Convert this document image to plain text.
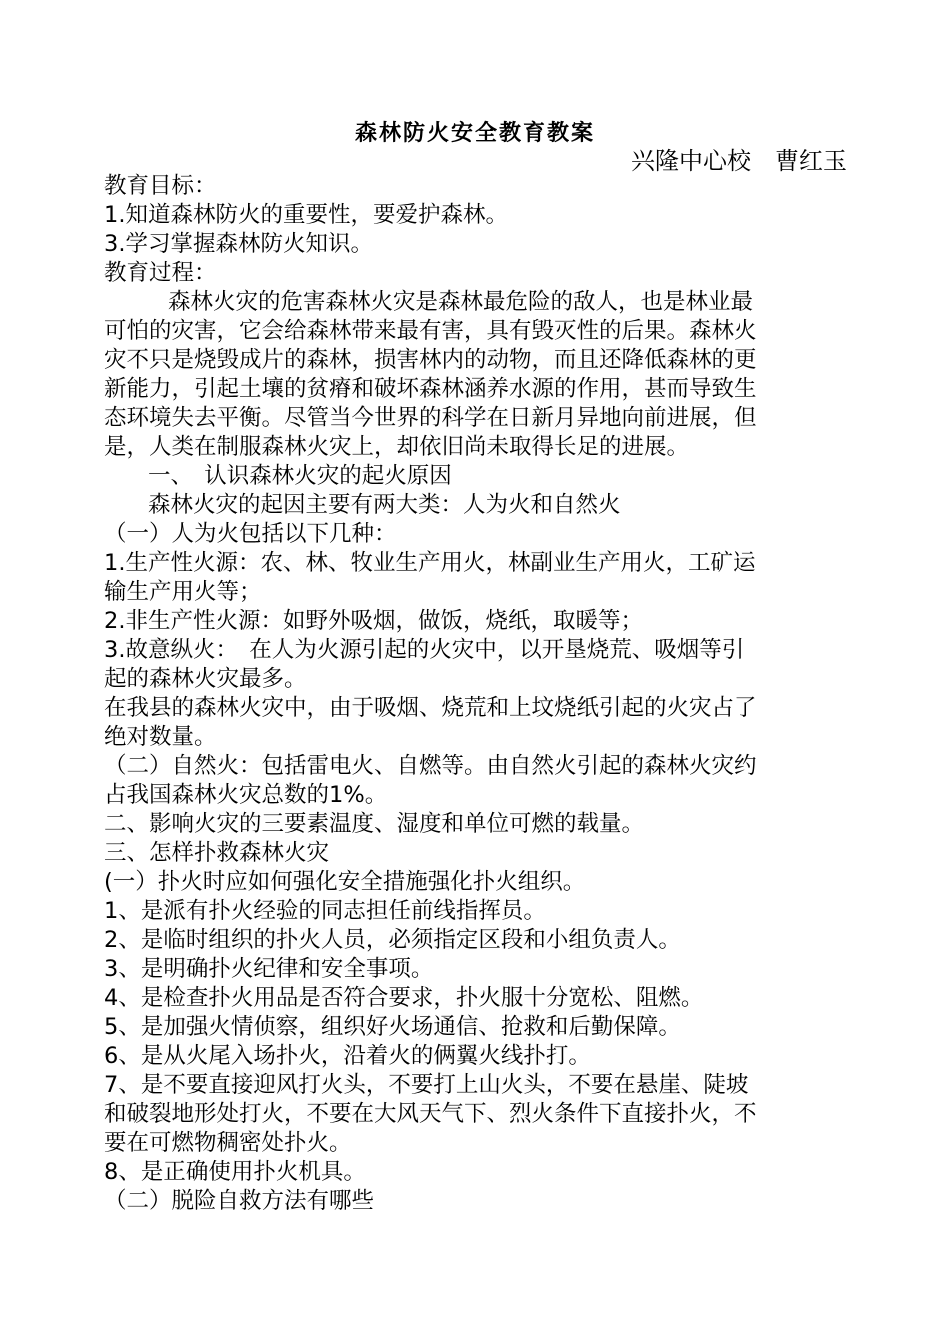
森林防火安全教育教案
兴隆中心校　曹红玉
教育目标：
1.知道森林防火的重要性，要爱护森林。
3.学习掌握森林防火知识。
教育过程：
森林火灾的危害森林火灾是森林最危险的敌人，也是林业最
可怕的灾害，它会给森林带来最有害，具有毁灭性的后果。森林火
灾不只是烧毁成片的森林，损害林内的动物，而且还降低森林的更
新能力，引起土壤的贫瘠和破坏森林涵养水源的作用，甚而导致生
态环境失去平衡。尽管当今世界的科学在日新月异地向前进展，但
是，人类在制服森林火灾上，却依旧尚未取得长足的进展。
一、　认识森林火灾的起火原因
森林火灾的起因主要有两大类：人为火和自然火
（一）人为火包括以下几种：
1.生产性火源：农、林、牧业生产用火，林副业生产用火，工矿运
输生产用火等；
2.非生产性火源：如野外吸烟，做饭，烧纸，取暖等；
3.故意纵火：　在人为火源引起的火灾中，以开垦烧荒、吸烟等引
起的森林火灾最多。
在我县的森林火灾中，由于吸烟、烧荒和上坟烧纸引起的火灾占了
绝对数量。
（二）自然火：包括雷电火、自燃等。由自然火引起的森林火灾约
占我国森林火灾总数的1%。
二、影响火灾的三要素温度、湿度和单位可燃的载量。
三、怎样扑救森林火灾
(一）扑火时应如何强化安全措施强化扑火组织。
1、是派有扑火经验的同志担任前线指挥员。
2、是临时组织的扑火人员，必须指定区段和小组负责人。
3、是明确扑火纪律和安全事项。
4、是检查扑火用品是否符合要求，扑火服十分宽松、阻燃。
5、是加强火情侦察，组织好火场通信、抢救和后勤保障。
6、是从火尾入场扑火，沿着火的俩翼火线扑打。
7、是不要直接迎风打火头，不要打上山火头，不要在悬崖、陡坡
和破裂地形处打火，不要在大风天气下、烈火条件下直接扑火，不
要在可燃物稠密处扑火。
8、是正确使用扑火机具。
（二）脱险自救方法有哪些
